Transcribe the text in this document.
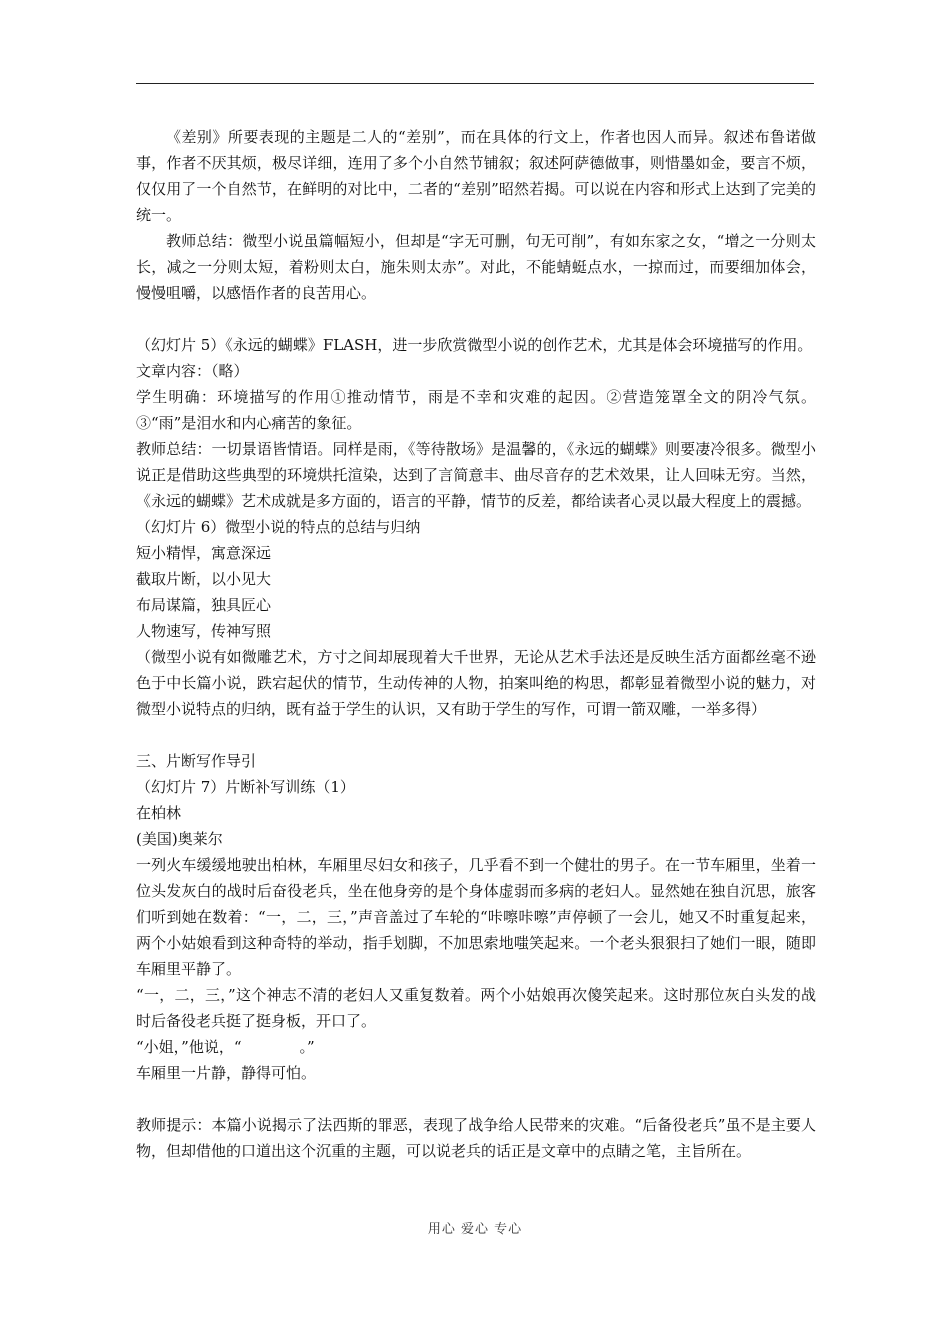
《差别》所要表现的主题是二人的“差别”，而在具体的行文上，作者也因人而异。叙述布鲁诺做事，作者不厌其烦，极尽详细，连用了多个小自然节铺叙；叙述阿萨德做事，则惜墨如金，要言不烦，仅仅用了一个自然节，在鲜明的对比中，二者的“差别”昭然若揭。可以说在内容和形式上达到了完美的统一。

教师总结：微型小说虽篇幅短小，但却是“字无可删，句无可削”，有如东家之女，“增之一分则太长，减之一分则太短，着粉则太白，施朱则太赤”。对此，不能蜻蜓点水，一掠而过，而要细加体会，慢慢咀嚼，以感悟作者的良苦用心。

（幻灯片 5）《永远的蝴蝶》FLASH，进一步欣赏微型小说的创作艺术，尤其是体会环境描写的作用。

文章内容：（略）

学生明确：环境描写的作用①推动情节，雨是不幸和灾难的起因。②营造笼罩全文的阴冷气氛。③“雨”是泪水和内心痛苦的象征。

教师总结：一切景语皆情语。同样是雨，《等待散场》是温馨的，《永远的蝴蝶》则要凄冷很多。微型小说正是借助这些典型的环境烘托渲染，达到了言简意丰、曲尽音存的艺术效果，让人回味无穷。当然，《永远的蝴蝶》艺术成就是多方面的，语言的平静，情节的反差，都给读者心灵以最大程度上的震撼。

（幻灯片 6）微型小说的特点的总结与归纳

短小精悍，寓意深远

截取片断，以小见大

布局谋篇，独具匠心

人物速写，传神写照

（微型小说有如微雕艺术，方寸之间却展现着大千世界，无论从艺术手法还是反映生活方面都丝毫不逊色于中长篇小说，跌宕起伏的情节，生动传神的人物，拍案叫绝的构思，都彰显着微型小说的魅力，对微型小说特点的归纳，既有益于学生的认识，又有助于学生的写作，可谓一箭双雕，一举多得）

三、片断写作导引

（幻灯片 7）片断补写训练（1）

在柏林

(美国)奥莱尔

一列火车缓缓地驶出柏林，车厢里尽妇女和孩子，几乎看不到一个健壮的男子。在一节车厢里，坐着一位头发灰白的战时后奋役老兵，坐在他身旁的是个身体虚弱而多病的老妇人。显然她在独自沉思，旅客们听到她在数着：“一，二，三，”声音盖过了车轮的“咔嚓咔嚓”声停顿了一会儿，她又不时重复起来，两个小姑娘看到这种奇特的举动，指手划脚，不加思索地嗤笑起来。一个老头狠狠扫了她们一眼，随即车厢里平静了。

“一，二，三，”这个神志不清的老妇人又重复数着。两个小姑娘再次傻笑起来。这时那位灰白头发的战时后备役老兵挺了挺身板，开口了。

“小姐，”他说，“	。”

车厢里一片静，静得可怕。

教师提示：本篇小说揭示了法西斯的罪恶，表现了战争给人民带来的灾难。“后备役老兵”虽不是主要人物，但却借他的口道出这个沉重的主题，可以说老兵的话正是文章中的点睛之笔，主旨所在。

用心 爱心 专心
